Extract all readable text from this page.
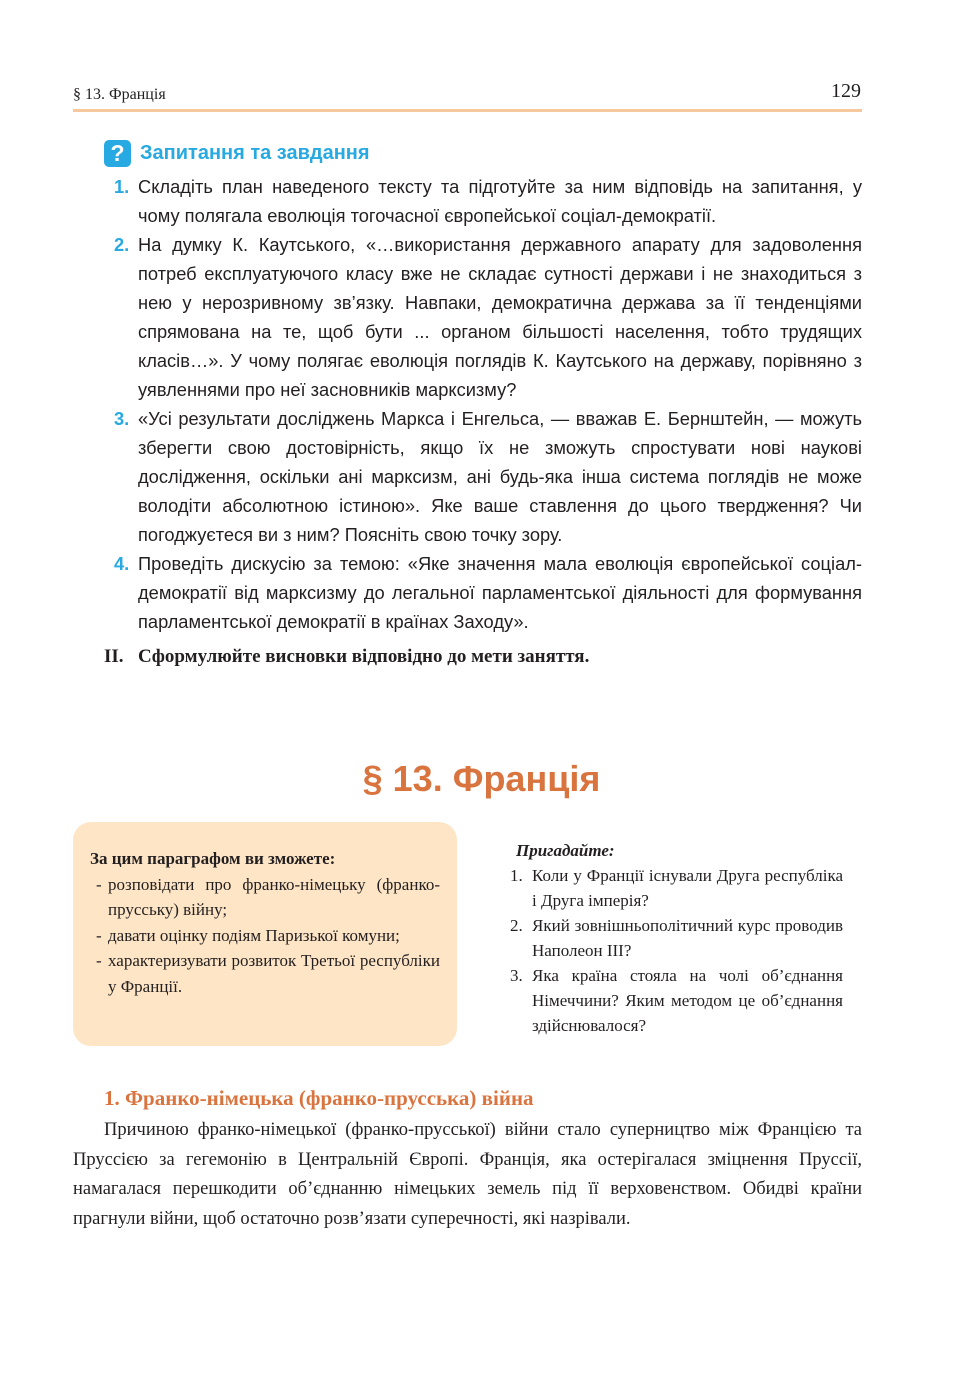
§ 13. Франція	129
? Запитання та завдання
1. Складіть план наведеного тексту та підготуйте за ним відповідь на запитання, у чому полягала еволюція тогочасної європейської соціал-демократії.
2. На думку К. Каутського, «…використання державного апарату для задоволення потреб експлуатуючого класу вже не складає сутності держави і не знаходиться з нею у нерозривному зв’язку. Навпаки, демократична держава за її тенденціями спрямована на те, щоб бути ... органом більшості населення, тобто трудящих класів…». У чому полягає еволюція поглядів К. Каутського на державу, порівняно з уявленнями про неї засновників марксизму?
3. «Усі результати досліджень Маркса і Енгельса, — вважав Е. Бернштейн, — можуть зберегти свою достовірність, якщо їх не зможуть спростувати нові наукові дослідження, оскільки ані марксизм, ані будь-яка інша система поглядів не може володіти абсолютною істиною». Яке ваше ставлення до цього твердження? Чи погоджуєтеся ви з ним? Поясніть свою точку зору.
4. Проведіть дискусію за темою: «Яке значення мала еволюція європейської соціал-демократії від марксизму до легальної парламентської діяльності для формування парламентської демократії в країнах Заходу».
II. Сформулюйте висновки відповідно до мети заняття.
§ 13. Франція
За цим параграфом ви зможете:
- розповідати про франко-німецьку (франко-прусську) війну;
- давати оцінку подіям Паризької комуни;
- характеризувати розвиток Третьої республіки у Франції.
Пригадайте:
1. Коли у Франції існували Друга республіка і Друга імперія?
2. Який зовнішньополітичний курс проводив Наполеон ІІІ?
3. Яка країна стояла на чолі об’єднання Німеччини? Яким методом це об’єднання здійснювалося?
1. Франко-німецька (франко-прусська) війна
Причиною франко-німецької (франко-прусської) війни стало суперництво між Францією та Пруссією за гегемонію в Центральній Європі. Франція, яка остерігалася зміцнення Пруссії, намагалася перешкодити об’єднанню німецьких земель під її верховенством. Обидві країни прагнули війни, щоб остаточно розв’язати суперечності, які назрівали.
